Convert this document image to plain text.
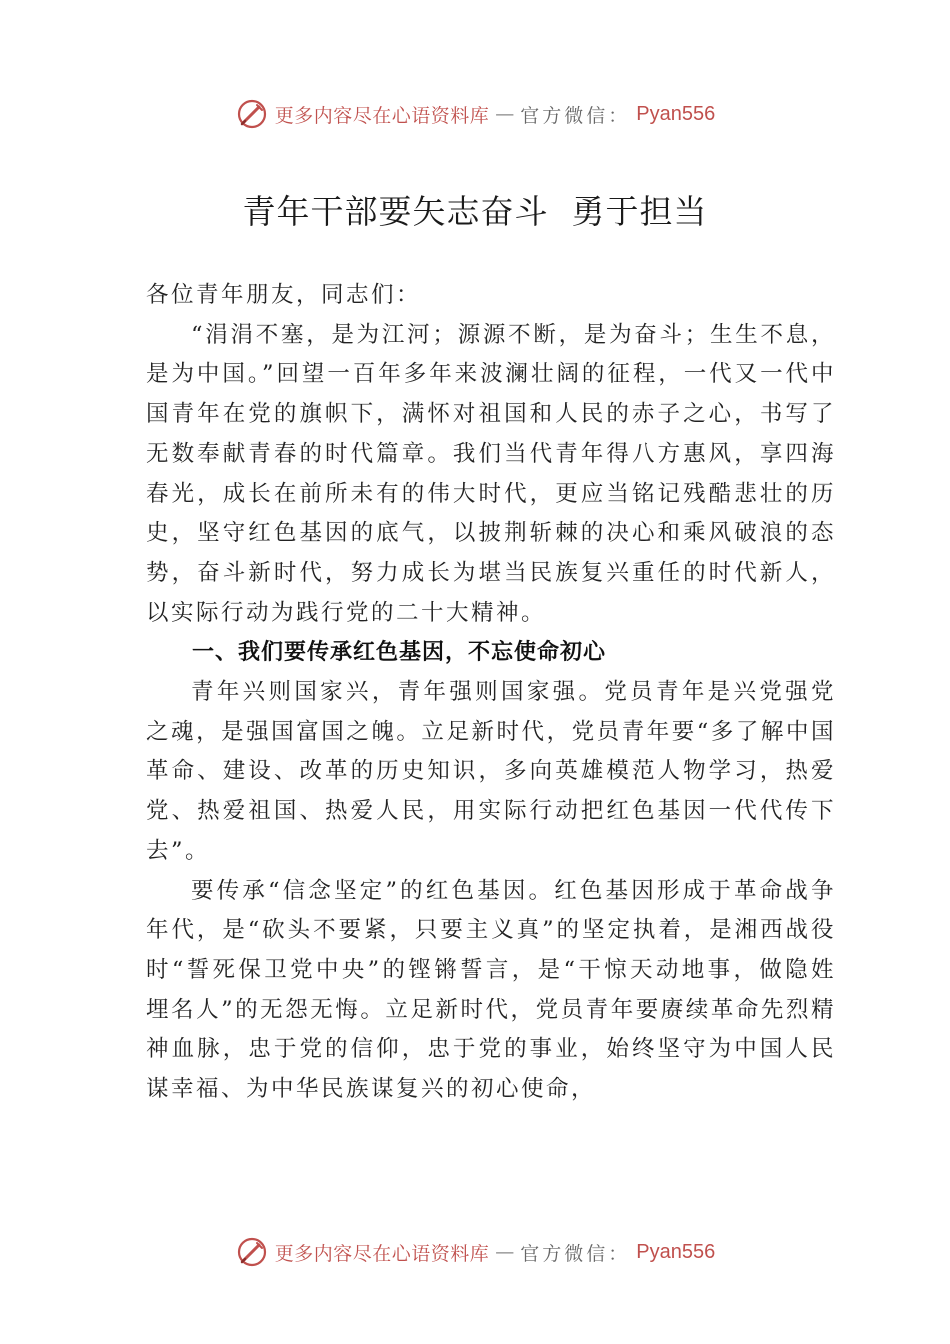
更多内容尽在心语资料库 — 官方微信： Pyan556
青年干部要矢志奋斗  勇于担当

各位青年朋友，同志们：

“涓涓不塞，是为江河；源源不断，是为奋斗；生生不息，是为中国。”回望一百年多年来波澜壮阔的征程，一代又一代中国青年在党的旗帜下，满怀对祖国和人民的赤子之心，书写了无数奉献青春的时代篇章。我们当代青年得八方惠风，享四海春光，成长在前所未有的伟大时代，更应当铭记残酷悲壮的历史，坚守红色基因的底气，以披荆斩棘的决心和乘风破浪的态势，奋斗新时代，努力成长为堪当民族复兴重任的时代新人，以实际行动为践行党的二十大精神。

一、我们要传承红色基因，不忘使命初心

青年兴则国家兴，青年强则国家强。党员青年是兴党强党之魂，是强国富国之魄。立足新时代，党员青年要“多了解中国革命、建设、改革的历史知识，多向英雄模范人物学习，热爱党、热爱祖国、热爱人民，用实际行动把红色基因一代代传下去”。

要传承“信念坚定”的红色基因。红色基因形成于革命战争年代，是“砍头不要紧，只要主义真”的坚定执着，是湘西战役时“誓死保卫党中央”的铿锵誓言，是“干惊天动地事，做隐姓埋名人”的无怨无悔。立足新时代，党员青年要赓续革命先烈精神血脉，忠于党的信仰，忠于党的事业，始终坚守为中国人民谋幸福、为中华民族谋复兴的初心使命，

更多内容尽在心语资料库 — 官方微信： Pyan556
